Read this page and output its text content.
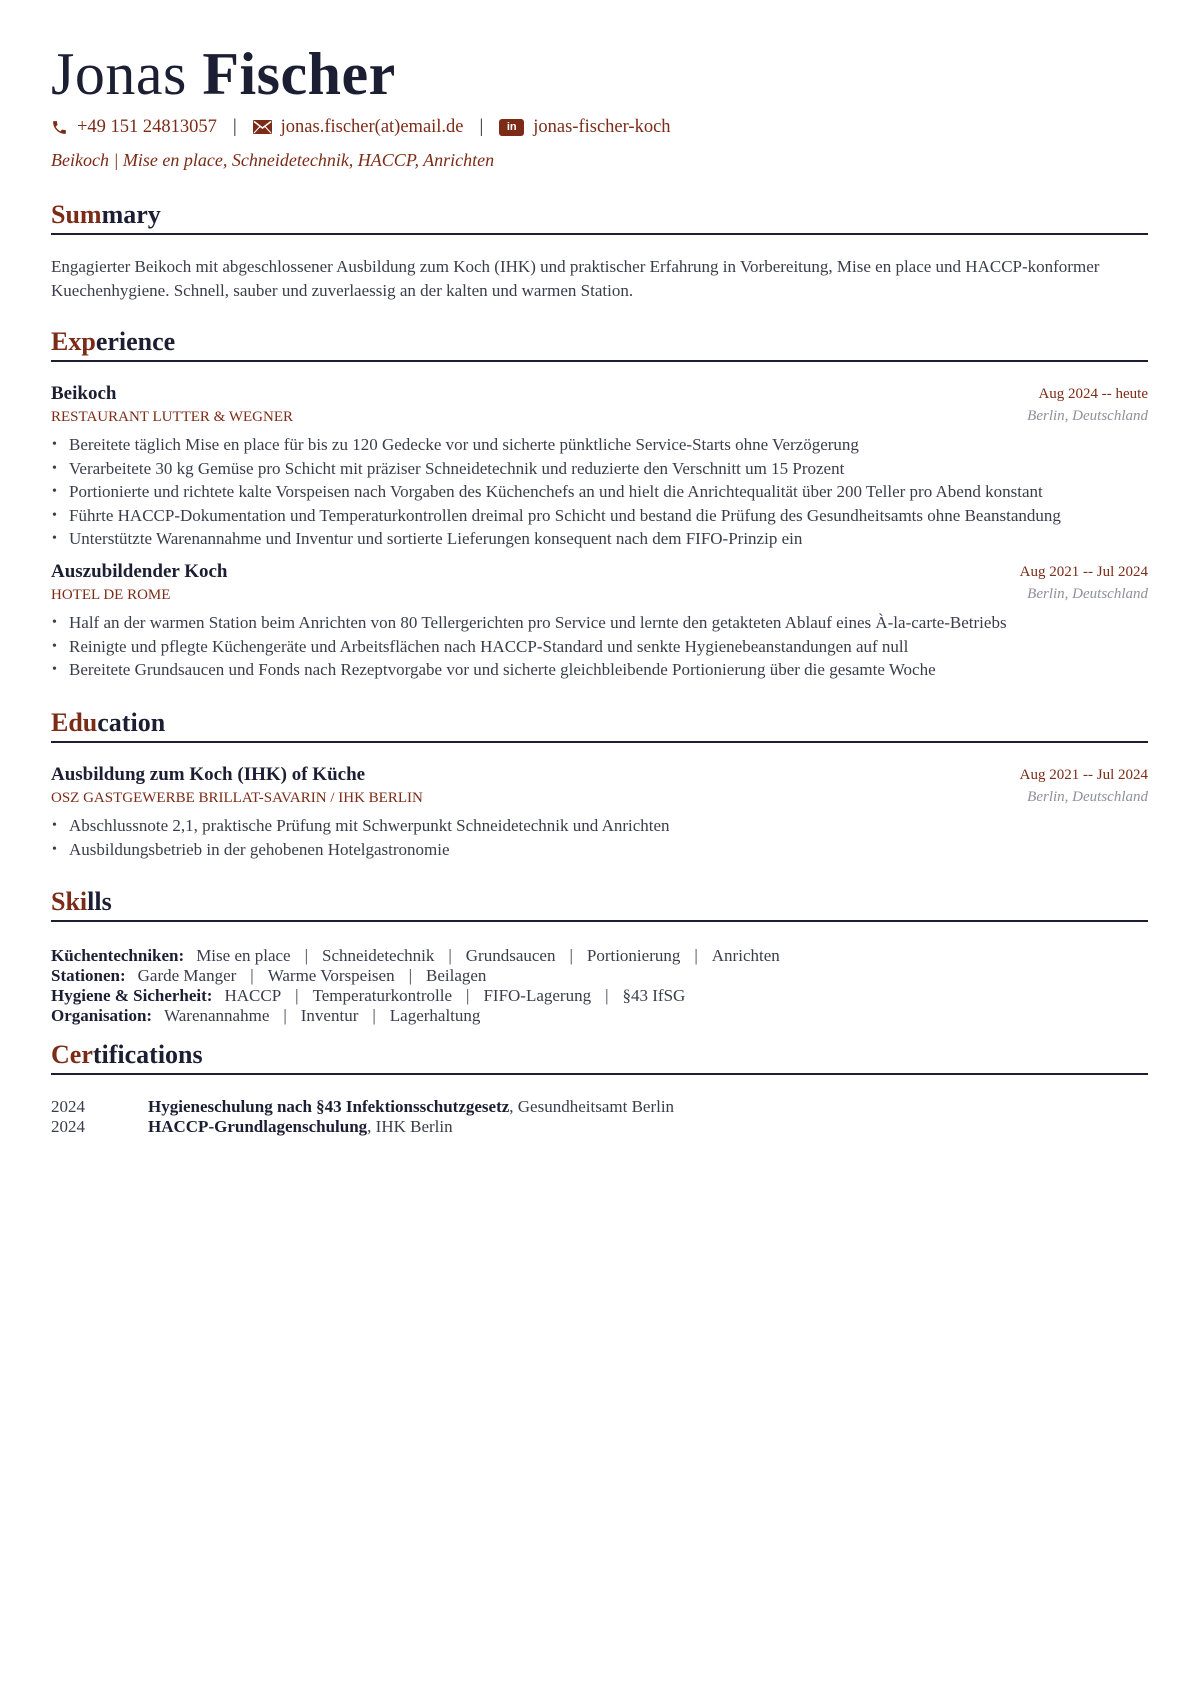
Jonas Fischer
+49 151 24813057 | jonas.fischer(at)email.de |	in jonas-fischer-koch
Beikoch | Mise en place, Schneidetechnik, HACCP, Anrichten
Summary
Engagierter Beikoch mit abgeschlossener Ausbildung zum Koch (IHK) und praktischer Erfahrung in Vorbereitung, Mise en place und HACCP-konformer Kuechenhygiene. Schnell, sauber und zuverlaessig an der kalten und warmen Station.
Experience
Beikoch	Aug 2024 -- heute
RESTAURANT LUTTER & WEGNER	Berlin, Deutschland
• Bereitete täglich Mise en place für bis zu 120 Gedecke vor und sicherte pünktliche Service-Starts ohne Verzögerung
• Verarbeitete 30 kg Gemüse pro Schicht mit präziser Schneidetechnik und reduzierte den Verschnitt um 15 Prozent
• Portionierte und richtete kalte Vorspeisen nach Vorgaben des Küchenchefs an und hielt die Anrichtequalität über 200 Teller pro Abend konstant
• Führte HACCP-Dokumentation und Temperaturkontrollen dreimal pro Schicht und bestand die Prüfung des Gesundheitsamts ohne Beanstandung
• Unterstützte Warenannahme und Inventur und sortierte Lieferungen konsequent nach dem FIFO-Prinzip ein
Auszubildender Koch	Aug 2021 -- Jul 2024
HOTEL DE ROME	Berlin, Deutschland
• Half an der warmen Station beim Anrichten von 80 Tellergerichten pro Service und lernte den getakteten Ablauf eines À-la-carte-Betriebs
• Reinigte und pflegte Küchengeräte und Arbeitsflächen nach HACCP-Standard und senkte Hygienebeanstandungen auf null
• Bereitete Grundsaucen und Fonds nach Rezeptvorgabe vor und sicherte gleichbleibende Portionierung über die gesamte Woche
Education
Ausbildung zum Koch (IHK) of Küche	Aug 2021 -- Jul 2024
OSZ GASTGEWERBE BRILLAT-SAVARIN / IHK BERLIN	Berlin, Deutschland
• Abschlussnote 2,1, praktische Prüfung mit Schwerpunkt Schneidetechnik und Anrichten
• Ausbildungsbetrieb in der gehobenen Hotelgastronomie
Skills
Küchentechniken: Mise en place | Schneidetechnik | Grundsaucen | Portionierung | Anrichten
Stationen: Garde Manger | Warme Vorspeisen | Beilagen
Hygiene & Sicherheit: HACCP | Temperaturkontrolle | FIFO-Lagerung | §43 IfSG
Organisation: Warenannahme | Inventur | Lagerhaltung
Certifications
2024	Hygieneschulung nach §43 Infektionsschutzgesetz, Gesundheitsamt Berlin
2024	HACCP-Grundlagenschulung, IHK Berlin
